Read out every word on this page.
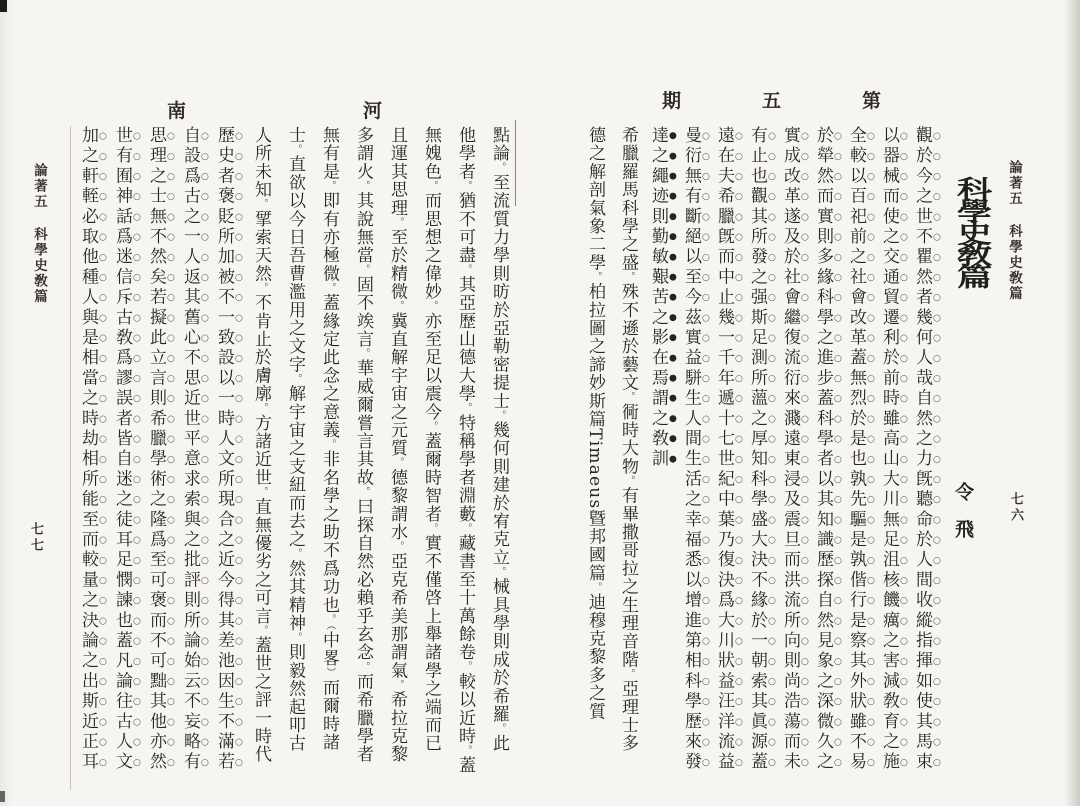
第
五
期
論著五
科學史敎篇
七六
科學史敎篇
令飛
觀於今之世不瞿然者幾何人哉自然之力旣聽命於人間收縱指揮如使其馬束
以器械而使之交通貿遷利於前時雖高山大川無足沮核饑癘之害減敎育之施
全較以百祀前之社會改革蓋無烈於是也孰先驅是孰偕行是察其外狀雖不易
於犖然而實則多緣科學之進步蓋科學者以其知識歷探自然見象之深微久之
實成改革遂及於社會繼復流衍來濺遠東浸及震旦而洪流所向則尚浩蕩而未
有止也觀其所發之强斯足測所薀之厚知科學盛大決不緣於一朝索其眞源蓋
遠在夫希臘旣而中止幾一千年遞十七世紀中葉乃復決爲大川狀益汪洋流益
曼衍無有斷絕以至今茲實益駢生人間生活之幸福悉以增進第相科學歷來發
達之繩迹則勤敏艱苦之影在焉謂之敎訓
希臘羅馬科學之盛。殊不遜於藝文。衕時大物。有畢撒哥拉之生理音階。亞理士多
德之解剖氣象二學。柏拉圖之諦妙斯篇Timaeus曁邦國篇。迪穆克黎多之質
河
南
論著五
科學史敎篇
七七
點論。至流質力學則昉於亞勒密提士。幾何則建於宥克立。械具學則成於希羅。此
他學者。猶不可盡。其亞歷山德大學。特稱學者淵藪。藏書至十萬餘卷。較以近時。蓋
無媿色。而思想之偉妙。亦至足以震今。蓋爾時智者。實不僅啓上舉諸學之端而已
且運其思理。至於精微。冀直解宇宙之元質。德黎謂水。亞克希美那謂氣。希拉克黎
多謂火。其說無當。固不竢言。華威爾嘗言其故。曰探自然必賴乎玄念。而希臘學者
無有是。即有亦極微。蓋緣定此念之意義。非名學之助不爲功也。（中畧）而爾時諸
士。直欲以今日吾曹濫用之文字。解宇宙之支紐而去之。然其精神。則毅然起叩古
人所未知。揅索天然。不肯止於膚廓。方諸近世。直無優劣之可言。蓋世之評一時代
歷史者褒貶所加被不一致設以一時人文所現合之近今得其差池因生不滿若
自設爲古之一人返其舊心不思近世平意求索與之批評則所論始云不妄略有
思理之士無不然矣若擬此立言則希臘學術之隆爲至可褒而不可黜其他亦然
世有囿神話爲迷信斥古敎爲謬誤者皆自迷之徒耳足憫諫也蓋凡論往古人文
加之軒輊必取他種人與是相當之時劫相所能至而較量之決論之出斯近正耳
